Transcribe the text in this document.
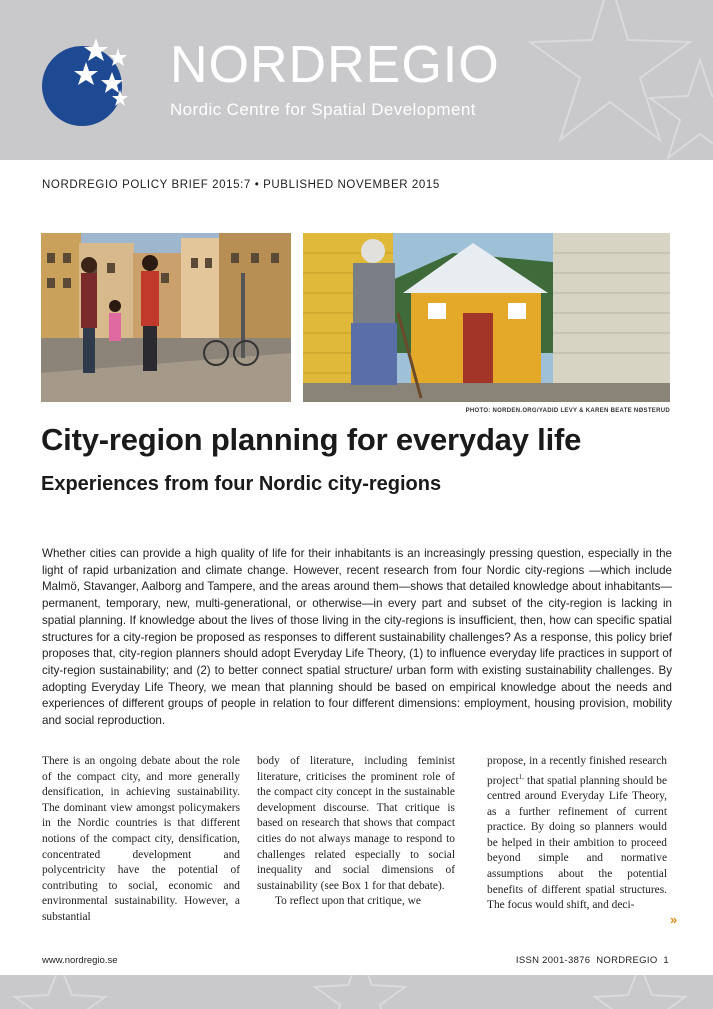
NORDREGIO
Nordic Centre for Spatial Development
NORDREGIO POLICY BRIEF 2015:7 • PUBLISHED NOVEMBER 2015
PHOTO: NORDEN.ORG/YADID LEVY & KAREN BEATE NØSTERUD
City-region planning for everyday life
Experiences from four Nordic city-regions

Whether cities can provide a high quality of life for their inhabitants is an increasingly pressing question, especially in the light of rapid urbanization and climate change. However, recent research from four Nordic city-regions —which include Malmö, Stavanger, Aalborg and Tampere, and the areas around them—shows that detailed knowledge about inhabitants—permanent, temporary, new, multi-generational, or otherwise—in every part and subset of the city-region is lacking in spatial planning. If knowledge about the lives of those living in the city-regions is insufficient, then, how can specific spatial structures for a city-region be proposed as responses to different sustainability challenges? As a response, this policy brief proposes that, city-region planners should adopt Everyday Life Theory, (1) to influence everyday life practices in support of city-region sustainability; and (2) to better connect spatial structure/ urban form with existing sustainability challenges. By adopting Everyday Life Theory, we mean that planning should be based on empirical knowledge about the needs and experiences of different groups of people in relation to four different dimensions: employment, housing provision, mobility and social reproduction.

There is an ongoing debate about the role of the compact city, and more generally densification, in achieving sustainability. The dominant view amongst policymakers in the Nordic countries is that different notions of the compact city, densification, concentrated development and polycentricity have the potential of contributing to social, economic and environmental sustainability. However, a substantial

body of literature, including feminist literature, criticises the prominent role of the compact city concept in the sustainable development discourse. That critique is based on research that shows that compact cities do not always manage to respond to challenges related especially to social inequality and social dimensions of sustainability (see Box 1 for that debate).

To reflect upon that critique, we

propose, in a recently finished research project$^{1,}$ that spatial planning should be centred around Everyday Life Theory, as a further refinement of current practice. By doing so planners would be helped in their ambition to proceed beyond simple and normative assumptions about the potential benefits of different spatial structures. The focus would shift, and deci-

»
www.nordregio.se	ISSN 2001-3876 NORDREGIO 1
